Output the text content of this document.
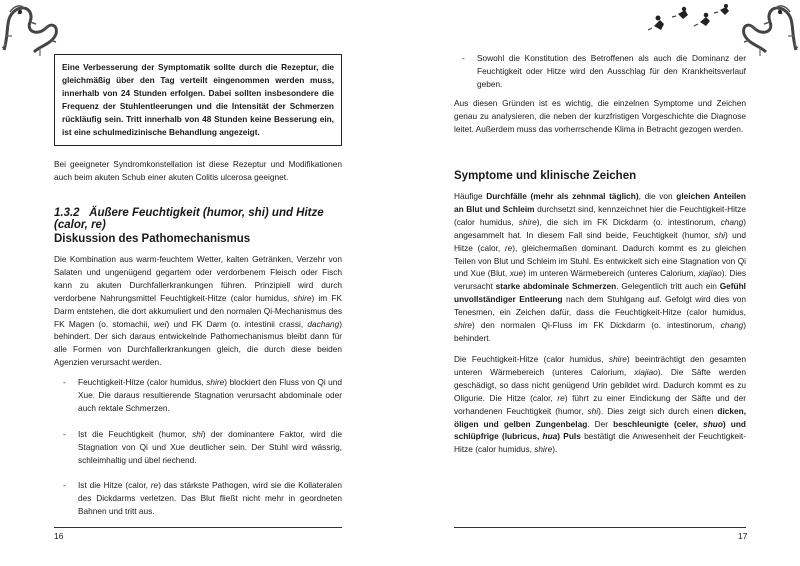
Eine Verbesserung der Symptomatik sollte durch die Rezeptur, die gleichmäßig über den Tag verteilt eingenommen werden muss, innerhalb von 24 Stunden erfolgen. Dabei sollten insbesondere die Frequenz der Stuhlentleerungen und die Intensität der Schmerzen rückläufig sein. Tritt innerhalb von 48 Stunden keine Besserung ein, ist eine schulmedizinische Behandlung angezeigt.
Bei geeigneter Syndromkonstellation ist diese Rezeptur und Modifikationen auch beim akuten Schub einer akuten Colitis ulcerosa geeignet.
1.3.2 Äußere Feuchtigkeit (humor, shi) und Hitze (calor, re)
Diskussion des Pathomechanismus
Die Kombination aus warm-feuchtem Wetter, kalten Getränken, Verzehr von Salaten und ungenügend gegartem oder verdorbenem Fleisch oder Fisch kann zu akuten Durchfallerkrankungen führen. Prinzipiell wird durch verdorbene Nahrungsmittel Feuchtigkeit-Hitze (calor humidus, shire) im FK Darm entstehen, die dort akkumuliert und den normalen Qi-Mechanismus des FK Magen (o. stomachii, wei) und FK Darm (o. intestinii crassi, dachang) behindert. Der sich daraus entwickelnde Pathomechanismus bleibt dann für alle Formen von Durchfallerkrankungen gleich, die durch diese beiden Agenzien verursacht werden.
- Feuchtigkeit-Hitze (calor humidus, shire) blockiert den Fluss von Qi und Xue. Die daraus resultierende Stagnation verursacht abdominale oder auch rektale Schmerzen.
- Ist die Feuchtigkeit (humor, shi) der dominantere Faktor, wird die Stagnation von Qi und Xue deutlicher sein. Der Stuhl wird wässrig, schleimhaltig und übel riechend.
- Ist die Hitze (calor, re) das stärkste Pathogen, wird sie die Kollateralen des Dickdarms verletzen. Das Blut fließt nicht mehr in geordneten Bahnen und tritt aus.
16
- Sowohl die Konstitution des Betroffenen als auch die Dominanz der Feuchtigkeit oder Hitze wird den Ausschlag für den Krankheitsverlauf geben.
Aus diesen Gründen ist es wichtig, die einzelnen Symptome und Zeichen genau zu analysieren, die neben der kurzfristigen Vorgeschichte die Diagnose leitet. Außerdem muss das vorherrschende Klima in Betracht gezogen werden.
Symptome und klinische Zeichen
Häufige Durchfälle (mehr als zehnmal täglich), die von gleichen Anteilen an Blut und Schleim durchsetzt sind, kennzeichnet hier die Feuchtigkeit-Hitze (calor humidus, shire), die sich im FK Dickdarm (o. intestinorum, chang) angesammelt hat. In diesem Fall sind beide, Feuchtigkeit (humor, shi) und Hitze (calor, re), gleichermaßen dominant. Dadurch kommt es zu gleichen Teilen von Blut und Schleim im Stuhl. Es entwickelt sich eine Stagnation von Qi und Xue (Blut, xue) im unteren Wärmebereich (unteres Calorium, xiajiao). Dies verursacht starke abdominale Schmerzen. Gelegentlich tritt auch ein Gefühl unvollständiger Entleerung nach dem Stuhlgang auf. Gefolgt wird dies von Tenesmen, ein Zeichen dafür, dass die Feuchtigkeit-Hitze (calor humidus, shire) den normalen Qi-Fluss im FK Dickdarm (o. intestinorum, chang) behindert.
Die Feuchtigkeit-Hitze (calor humidus, shire) beeinträchtigt den gesamten unteren Wärmebereich (unteres Calorium, xiajiao). Die Säfte werden geschädigt, so dass nicht genügend Urin gebildet wird. Dadurch kommt es zu Oligurie. Die Hitze (calor, re) führt zu einer Eindickung der Säfte und der vorhandenen Feuchtigkeit (humor, shi). Dies zeigt sich durch einen dicken, öligen und gelben Zungenbelag. Der beschleunigte (celer, shuo) und schlüpfrige (lubricus, hua) Puls bestätigt die Anwesenheit der Feuchtigkeit-Hitze (calor humidus, shire).
17
